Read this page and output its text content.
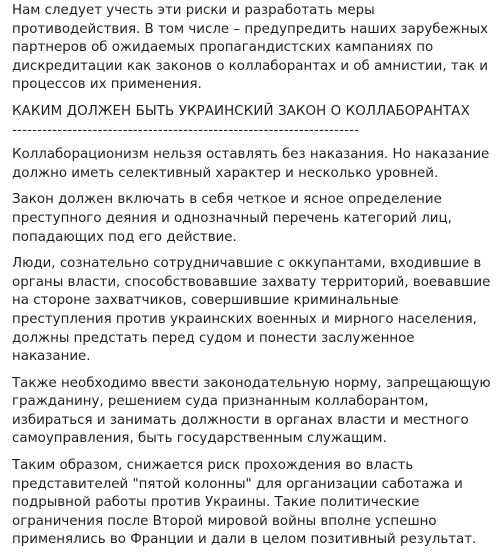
Нам следует учесть эти риски и разработать меры противодействия. В том числе – предупредить наших зарубежных партнеров об ожидаемых пропагандистских кампаниях по дискредитации как законов о коллаборантах и об амнистии, так и процессов их применения.

КАКИМ ДОЛЖЕН БЫТЬ УКРАИНСКИЙ ЗАКОН О КОЛЛАБОРАНТАХ

---------------------------------------------------------------------

Коллаборационизм нельзя оставлять без наказания. Но наказание должно иметь селективный характер и несколько уровней.

Закон должен включать в себя четкое и ясное определение преступного деяния и однозначный перечень категорий лиц, попадающих под его действие.

Люди, сознательно сотрудничавшие с оккупантами, входившие в органы власти, способствовавшие захвату территорий, воевавшие на стороне захватчиков, совершившие криминальные преступления против украинских военных и мирного населения, должны предстать перед судом и понести заслуженное наказание.

Также необходимо ввести законодательную норму, запрещающую гражданину, решением суда признанным коллаборантом, избираться и занимать должности в органах власти и местного самоуправления, быть государственным служащим.

Таким образом, снижается риск прохождения во власть представителей "пятой колонны" для организации саботажа и подрывной работы против Украины. Такие политические ограничения после Второй мировой войны вполне успешно применялись во Франции и дали в целом позитивный результат.
